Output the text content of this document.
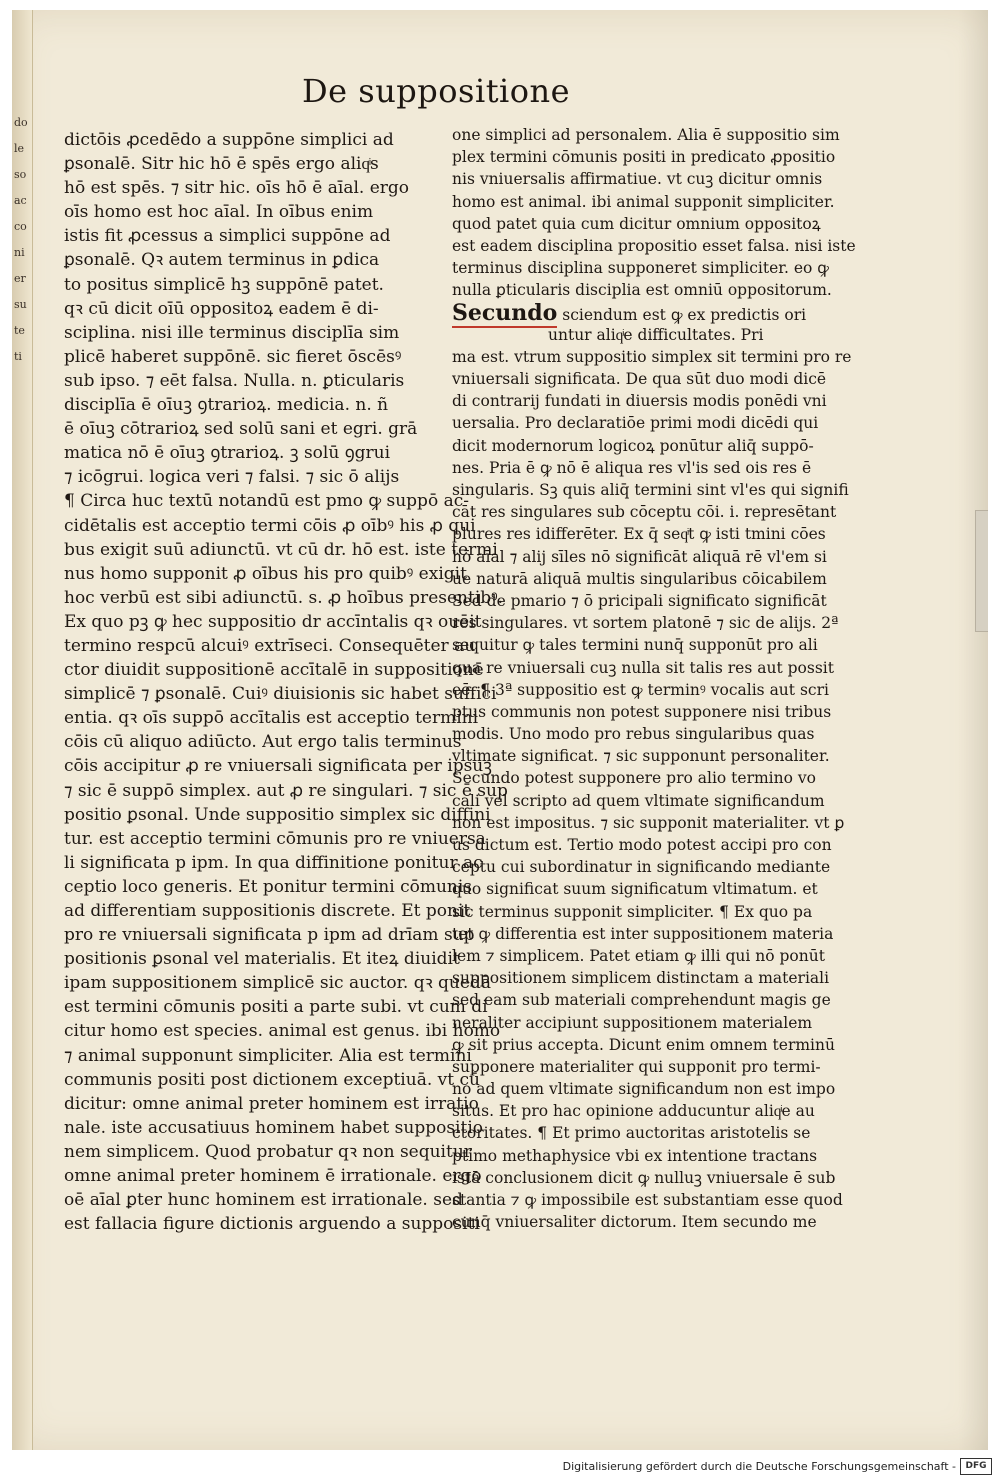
do
le
so
ac
co
ni
er
su
te
ti
De suppositione
dictōis ꝓcedēdo a suppōne simplici ad
ꝑsonalē. Sitr hic hō ē spēs ergo aliqͥs
hō est spēs. ⁊ sitr hic. oīs hō ē aīal. ergo
oīs homo est hoc aīal. In oībus enim
istis fit ꝓcessus a simplici suppōne ad
ꝑsonalē. Qꝛ autem terminus in ꝑdica
to positus simplicē hꝫ suppōnē patet.
qꝛ cū dicit oīū oppositoꝝ eadem ē di-
sciplina. nisi ille terminus disciplīa sim
plicē haberet suppōnē. sic fieret ōscēsꝰ
sub ipso. ⁊ eēt falsa. Nulla. n. ꝑticularis
disciplīa ē oīuꝫ ꝯtrarioꝝ. medicia. n. ñ
ē oīuꝫ cōtrarioꝝ sed solū sani et egri. grā
matica nō ē oīuꝫ ꝯtrarioꝝ. ꝫ solū ꝯgrui
⁊ icōgrui. logica veri ⁊ falsi. ⁊ sic ō alijs
¶ Circa huc textū notandū est pmo ꝙ suppō ac-
cidētalis est acceptio termi cōis ꝓ oībꝰ his ꝓ qui
bus exigit suū adiunctū. vt cū dr. hō est. iste termi
nus homo supponit ꝓ oībus his pro quibꝰ exigit
hoc verbū est sibi adiunctū. s. ꝓ hoībus presentibꝰ.
Ex quo pꝫ ꝙ hec suppositio dr accīntalis qꝛ ouēit
termino respcū alcuiꝰ extrīseci. Consequēter au
ctor diuidit suppositionē accītalē in suppositionē
simplicē ⁊ ꝑsonalē. Cuiꝰ diuisionis sic habet suffici
entia. qꝛ oīs suppō accītalis est acceptio termini
cōis cū aliquo adiūcto. Aut ergo talis terminus
cōis accipitur ꝓ re vniuersali significata per ipsuꝫ
⁊ sic ē suppō simplex. aut ꝓ re singulari. ⁊ sic ē sup
positio ꝑsonal. Unde suppositio simplex sic diffini
tur. est acceptio termini cōmunis pro re vniuersa
li significata p ipm. In qua diffinitione ponitur ac
ceptio loco generis. Et ponitur termini cōmunis
ad differentiam suppositionis discrete. Et ponit
pro re vniuersali significata p ipm ad drīam sup
positionis ꝑsonal vel materialis. Et iteꝝ diuidit
ipam suppositionem simplicē sic auctor. qꝛ quedā
est termini cōmunis positi a parte subi. vt cum di
citur homo est species. animal est genus. ibi homo
⁊ animal supponunt simpliciter. Alia est termini
communis positi post dictionem exceptiuā. vt cū
dicitur: omne animal preter hominem est irratio
nale. iste accusatiuus hominem habet suppositio
nem simplicem. Quod probatur qꝛ non sequitur
omne animal preter hominem ē irrationale. ergo
oē aīal ꝑter hunc hominem est irrationale. sed
est fallacia figure dictionis arguendo a suppositi
one simplici ad personalem. Alia ē suppositio sim
plex termini cōmunis positi in predicato ꝓpositio
nis vniuersalis affirmatiue. vt cuꝫ dicitur omnis
homo est animal. ibi animal supponit simpliciter.
quod patet quia cum dicitur omnium oppositoꝝ
est eadem disciplina propositio esset falsa. nisi iste
terminus disciplina supponeret simpliciter. eo ꝙ
nulla ꝑticularis disciplia est omniū oppositorum.
Secundo sciendum est ꝙ ex predictis ori
untur aliqͥe difficultates. Pri
ma est. vtrum suppositio simplex sit termini pro re
vniuersali significata. De qua sūt duo modi dicē
di contrarij fundati in diuersis modis ponēdi vni
uersalia. Pro declaratiōe primi modi dicēdi qui
dicit modernorum logicoꝝ ponūtur aliq̄ suppō-
nes. Pria ē ꝙ nō ē aliqua res vl'is sed ois res ē
singularis. Sꝫ quis aliq̄ termini sint vl'es qui signifi
cāt res singulares sub cōceptu cōi. i. represētant
plures res idifferēter. Ex q̄ seqͥt ꝙ isti tmini cōes
hō aīal ⁊ alij sīles nō significāt aliquā rē vl'em si
ue naturā aliquā multis singularibus cōicabilem
Sed de pmario ⁊ ō pricipali significato significāt
res singulares. vt sortem platonē ⁊ sic de alijs. 2ª
sequitur ꝙ tales termini nunq̄ supponūt pro ali
qua re vniuersali cuꝫ nulla sit talis res aut possit
eē. ¶ 3ª suppositio est ꝙ terminꝰ vocalis aut scri
ptus communis non potest supponere nisi tribus
modis. Uno modo pro rebus singularibus quas
vltimate significat. ⁊ sic supponunt personaliter.
Secundo potest supponere pro alio termino vo
cali vel scripto ad quem vltimate significandum
non est impositus. ⁊ sic supponit materialiter. vt ꝑ
us dictum est. Tertio modo potest accipi pro con
ceptu cui subordinatur in significando mediante
quo significat suum significatum vltimatum. et
sic terminus supponit simpliciter. ¶ Ex quo pa
tet ꝙ differentia est inter suppositionem materia
lem ⁊ simplicem. Patet etiam ꝙ illi qui nō ponūt
suppositionem simplicem distinctam a materiali
sed eam sub materiali comprehendunt magis ge
neraliter accipiunt suppositionem materialem
ꝙ sit prius accepta. Dicunt enim omnem terminū
supponere materialiter qui supponit pro termi-
no ad quem vltimate significandum non est impo
situs. Et pro hac opinione adducuntur aliqͥe au
ctoritates. ¶ Et primo auctoritas aristotelis se
ptimo methaphysice vbi ex intentione tractans
istā conclusionem dicit ꝙ nulluꝫ vniuersale ē sub
stantia ⁊ ꝙ impossibile est substantiam esse quod
cunq̄ vniuersaliter dictorum. Item secundo me
Digitalisierung gefördert durch die Deutsche Forschungsgemeinschaft -	DFG
